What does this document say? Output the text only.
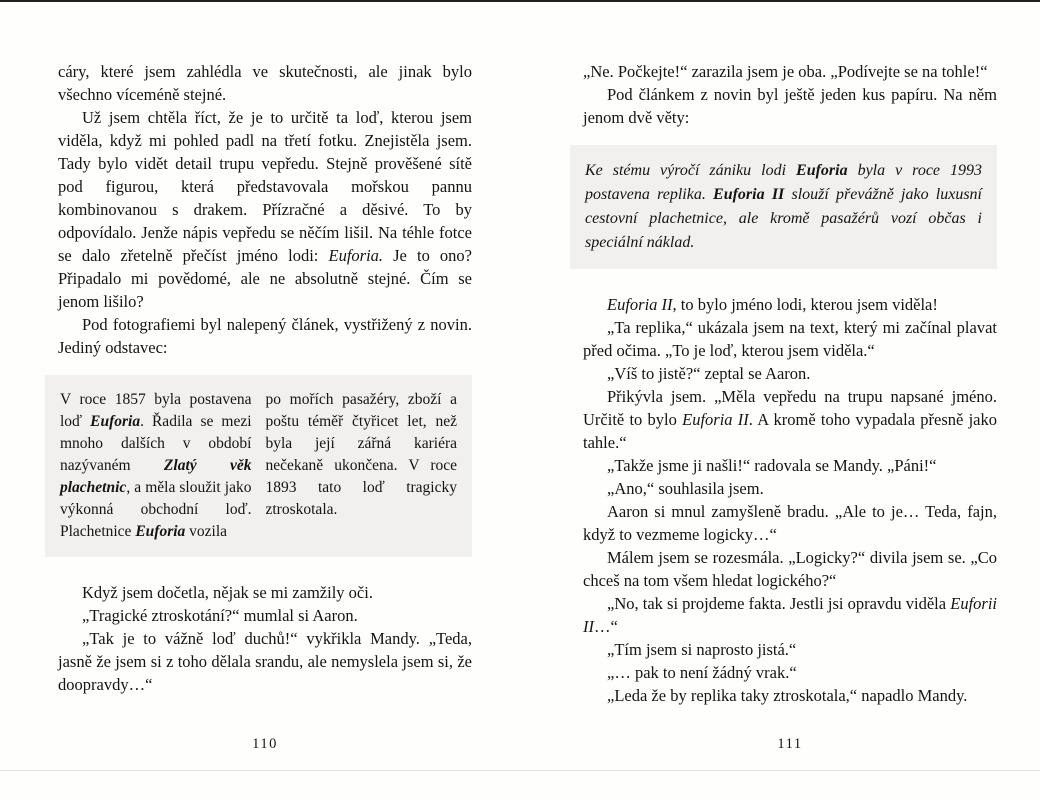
cáry, které jsem zahlédla ve skutečnosti, ale jinak bylo všechno víceméně stejné.

Už jsem chtěla říct, že je to určitě ta loď, kterou jsem viděla, když mi pohled padl na třetí fotku. Znejistěla jsem. Tady bylo vidět detail trupu vepředu. Stejně prověšené sítě pod figurou, která představovala mořskou pannu kombinovanou s drakem. Přízračné a děsivé. To by odpovídalo. Jenže nápis vepředu se něčím lišil. Na téhle fotce se dalo zřetelně přečíst jméno lodi: Euforia. Je to ono? Připadalo mi povědomé, ale ne absolutně stejné. Čím se jenom lišilo?

Pod fotografiemi byl nalepený článek, vystřižený z novin. Jediný odstavec:

V roce 1857 byla postavena loď Euforia. Řadila se mezi mnoho dalších v období nazývaném Zlatý věk plachetnic, a měla sloužit jako výkonná obchodní loď. Plachetnice Euforia vozila
po mořích pasažéry, zboží a poštu téměř čtyřicet let, než byla její zářná kariéra nečekaně ukončena. V roce 1893 tato loď tragicky ztroskotala.

Když jsem dočetla, nějak se mi zamžily oči.

„Tragické ztroskotání?“ mumlal si Aaron.

„Tak je to vážně loď duchů!“ vykřikla Mandy. „Teda, jasně že jsem si z toho dělala srandu, ale nemyslela jsem si, že doopravdy…“

„Ne. Počkejte!“ zarazila jsem je oba. „Podívejte se na tohle!“

Pod článkem z novin byl ještě jeden kus papíru. Na něm jenom dvě věty:

Ke stému výročí zániku lodi Euforia byla v roce 1993 postavena replika. Euforia II slouží převážně jako luxusní cestovní plachetnice, ale kromě pasažérů vozí občas i speciální náklad.

Euforia II, to bylo jméno lodi, kterou jsem viděla!

„Ta replika,“ ukázala jsem na text, který mi začínal plavat před očima. „To je loď, kterou jsem viděla.“

„Víš to jistě?“ zeptal se Aaron.

Přikývla jsem. „Měla vepředu na trupu napsané jméno. Určitě to bylo Euforia II. A kromě toho vypadala přesně jako tahle.“

„Takže jsme ji našli!“ radovala se Mandy. „Páni!“

„Ano,“ souhlasila jsem.

Aaron si mnul zamyšleně bradu. „Ale to je… Teda, fajn, když to vezmeme logicky…“

Málem jsem se rozesmála. „Logicky?“ divila jsem se. „Co chceš na tom všem hledat logického?“

„No, tak si projdeme fakta. Jestli jsi opravdu viděla Euforii II…“

„Tím jsem si naprosto jistá.“

„… pak to není žádný vrak.“

„Leda že by replika taky ztroskotala,“ napadlo Mandy.

110	111
